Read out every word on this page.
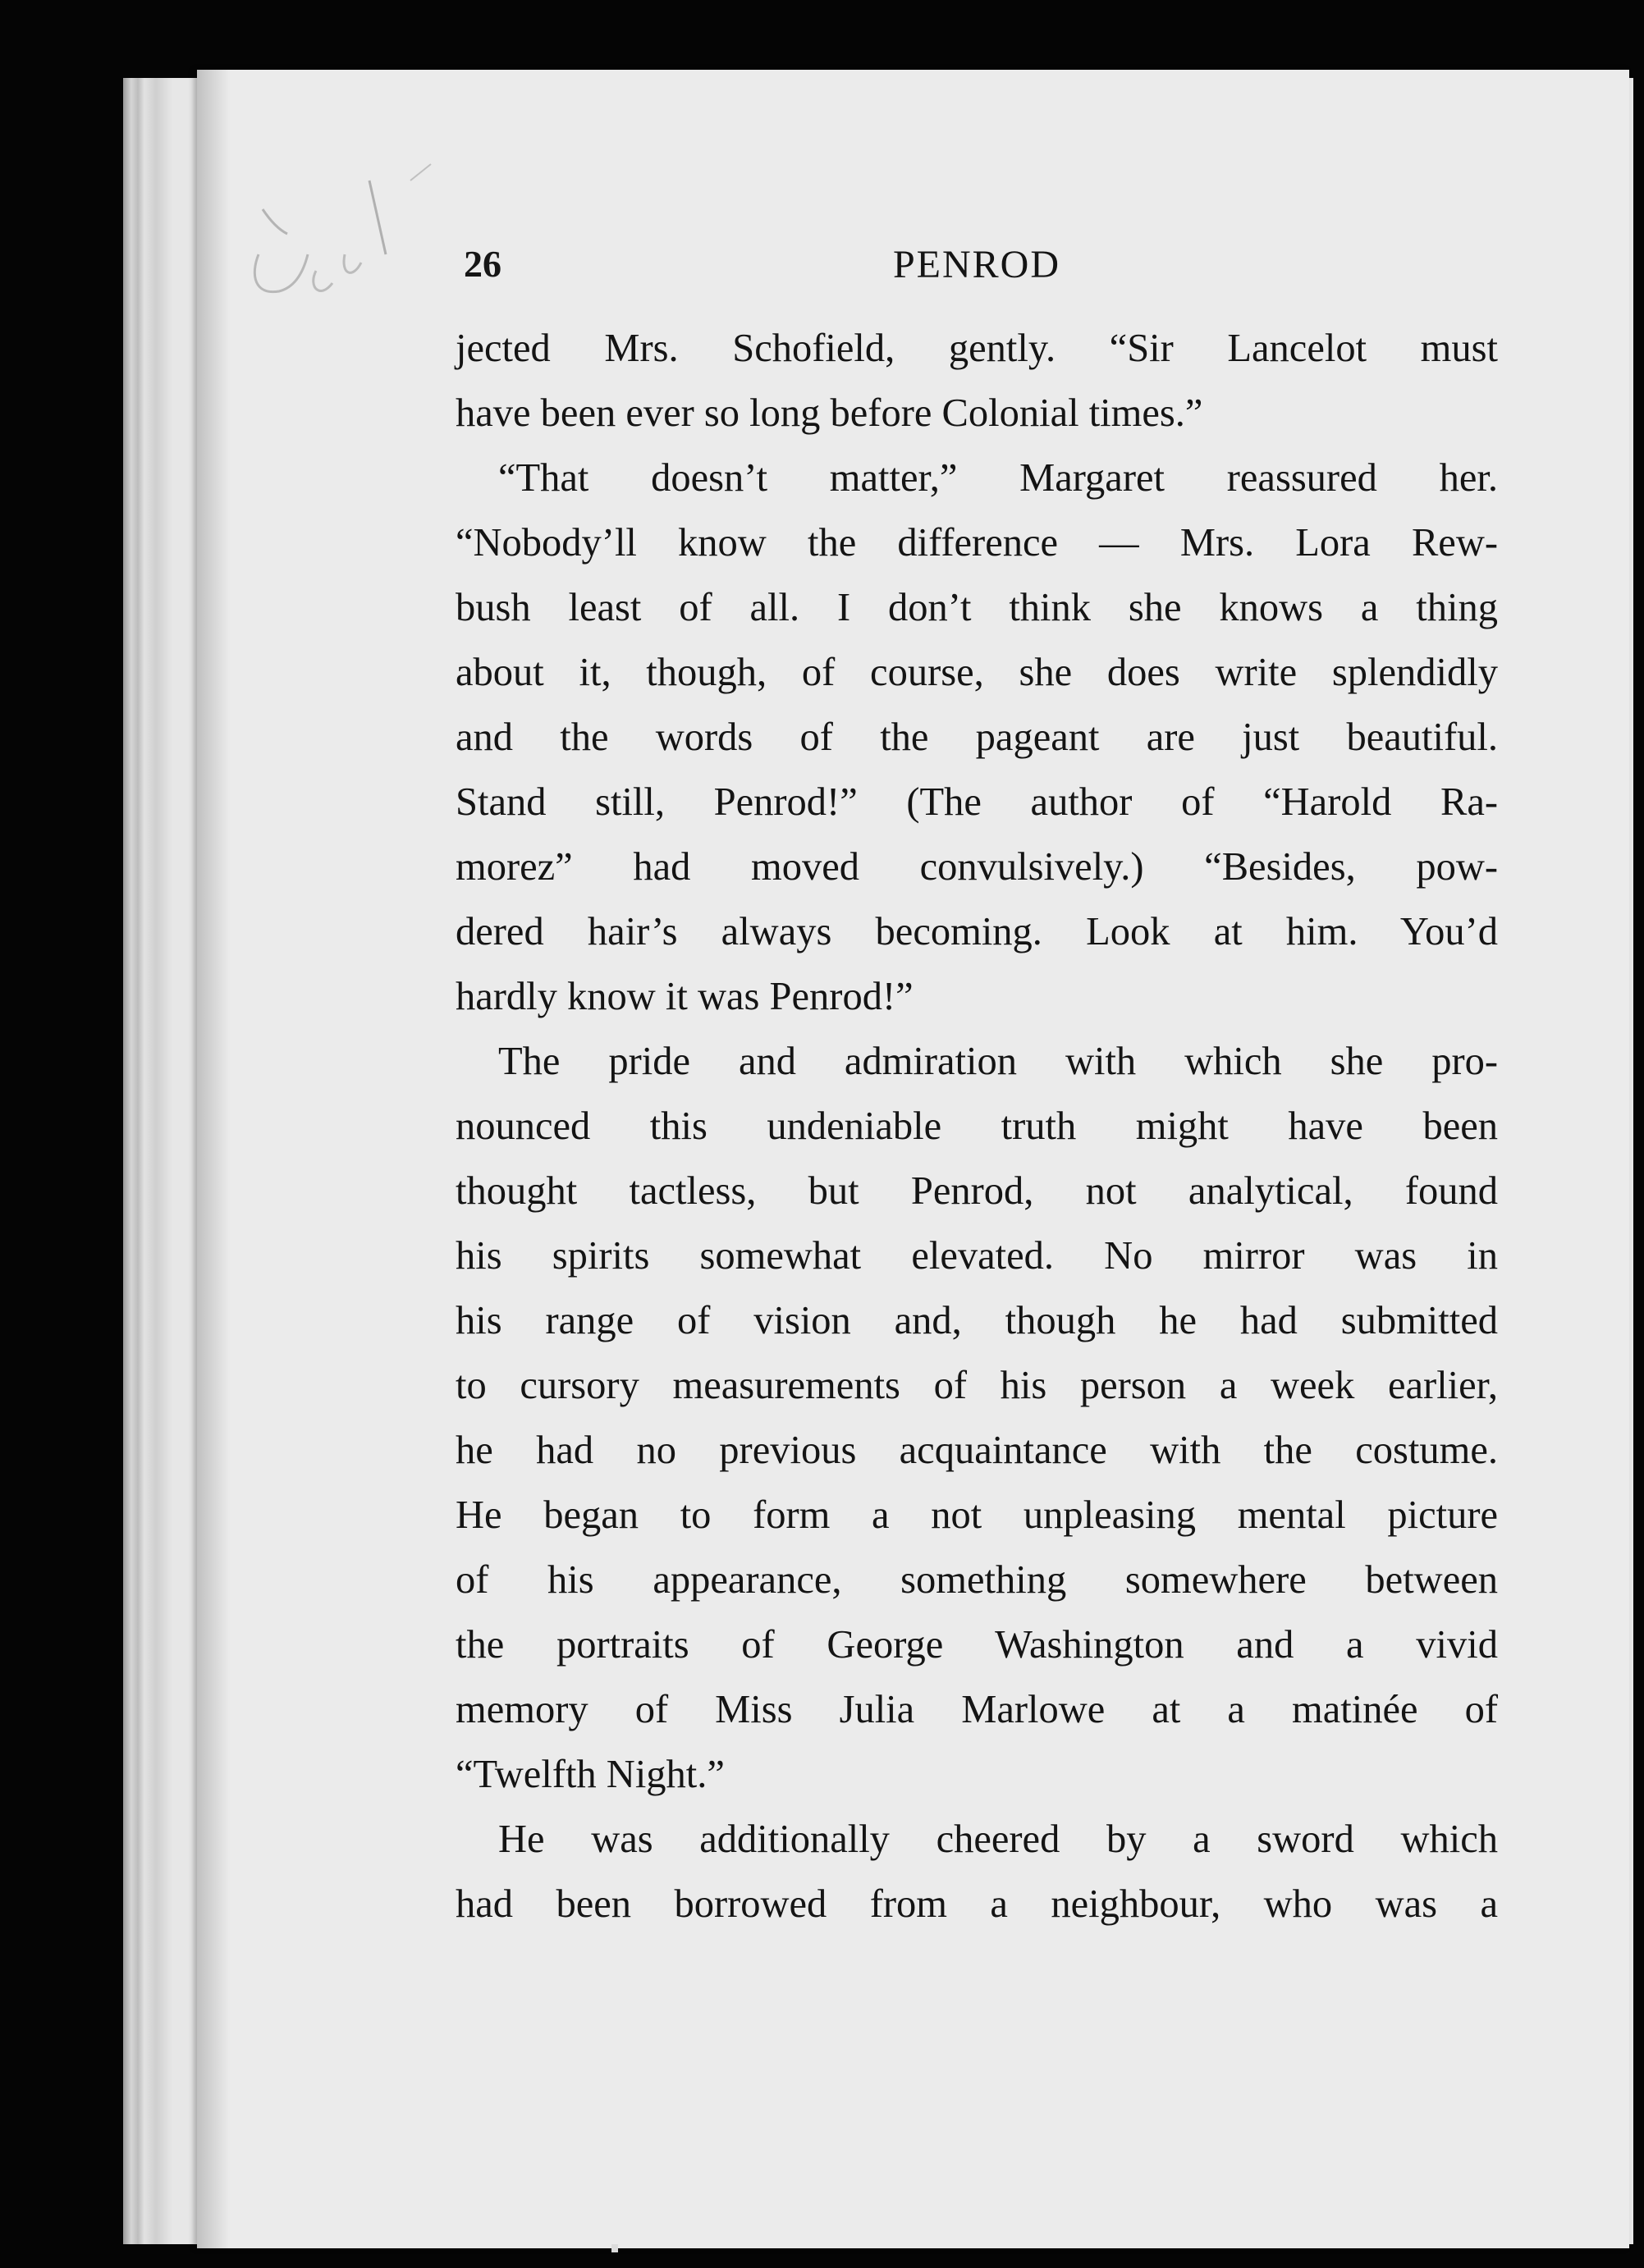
26	PENROD
jected Mrs. Schofield, gently. “Sir Lancelot must
have been ever so long before Colonial times.”
“That doesn’t matter,” Margaret reassured her.
“Nobody’ll know the difference — Mrs. Lora Rew-
bush least of all. I don’t think she knows a thing
about it, though, of course, she does write splendidly
and the words of the pageant are just beautiful.
Stand still, Penrod!” (The author of “Harold Ra-
morez” had moved convulsively.) “Besides, pow-
dered hair’s always becoming. Look at him. You’d
hardly know it was Penrod!”
The pride and admiration with which she pro-
nounced this undeniable truth might have been
thought tactless, but Penrod, not analytical, found
his spirits somewhat elevated. No mirror was in
his range of vision and, though he had submitted
to cursory measurements of his person a week earlier,
he had no previous acquaintance with the costume.
He began to form a not unpleasing mental picture
of his appearance, something somewhere between
the portraits of George Washington and a vivid
memory of Miss Julia Marlowe at a matinée of
“Twelfth Night.”
He was additionally cheered by a sword which
had been borrowed from a neighbour, who was a
